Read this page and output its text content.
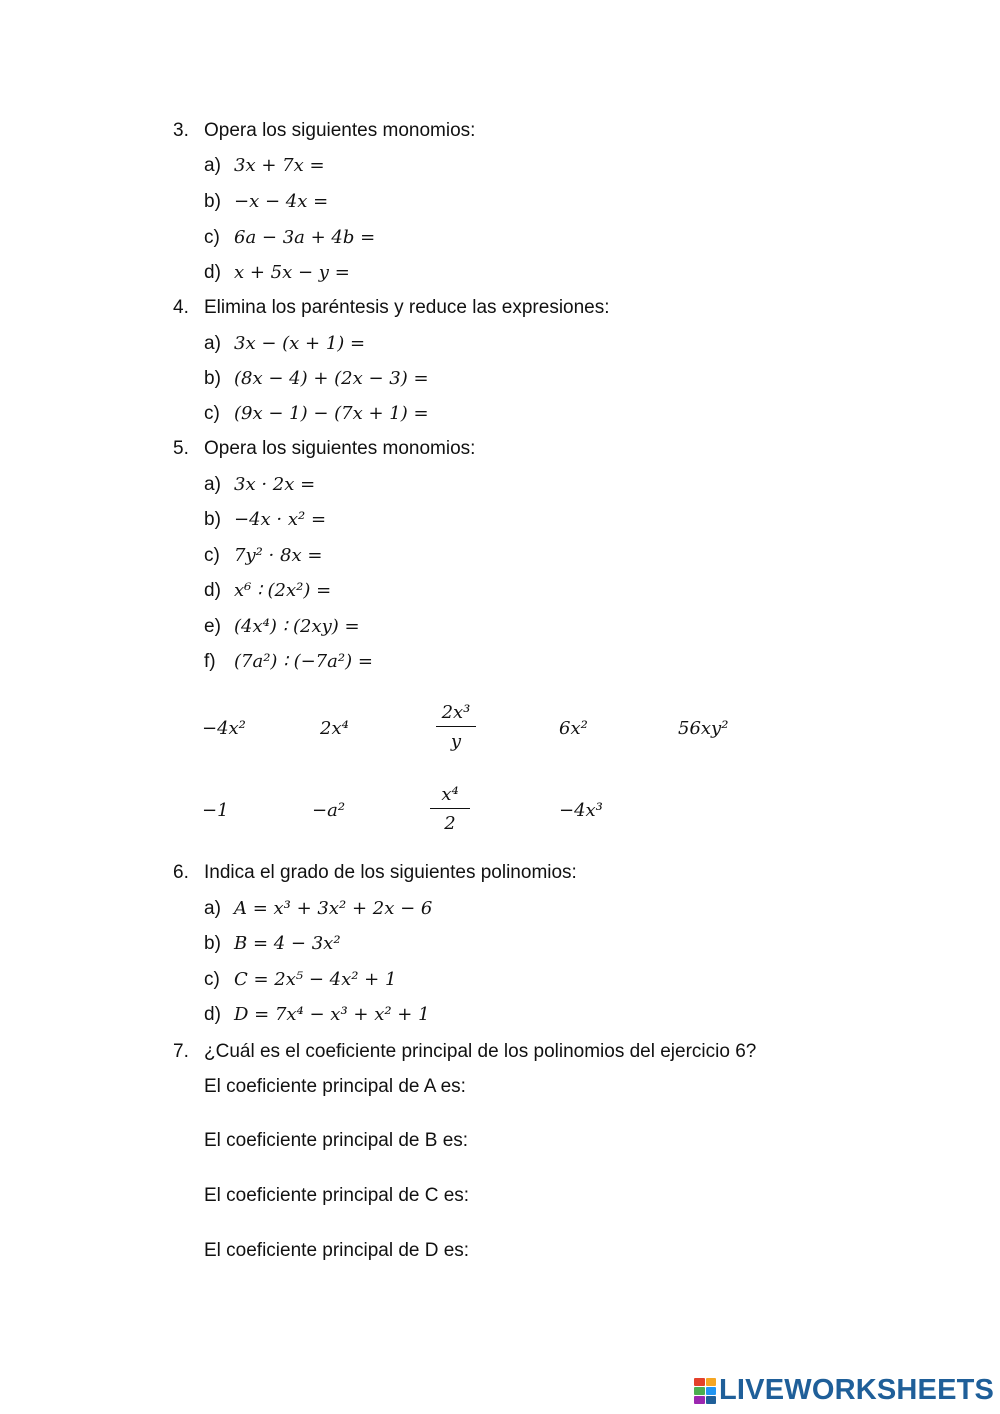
3. Opera los siguientes monomios:
a) 3x + 7x =
b) −x − 4x =
c) 6a − 3a + 4b =
d) x + 5x − y =
4. Elimina los paréntesis y reduce las expresiones:
a) 3x − (x + 1) =
b) (8x − 4) + (2x − 3) =
c) (9x − 1) − (7x + 1) =
5. Opera los siguientes monomios:
a) 3x · 2x =
b) −4x · x² =
c) 7y² · 8x =
d) x⁶ ∶ (2x²) =
e) (4x⁴) ∶ (2xy) =
f) (7a²) ∶ (−7a²) =
−4x²	2x⁴	$\frac{\text{2x³}}{y}$	6x²	56xy²
−1	−a²	$\frac{\text{x⁴}}{2}$	−4x³
6. Indica el grado de los siguientes polinomios:
a) A = x³ + 3x² + 2x − 6
b) B = 4 − 3x²
c) C = 2x⁵ − 4x² + 1
d) D = 7x⁴ − x³ + x² + 1
7. ¿Cuál es el coeficiente principal de los polinomios del ejercicio 6?
El coeficiente principal de A es:
El coeficiente principal de B es:
El coeficiente principal de C es:
El coeficiente principal de D es:
LIVEWORKSHEETS
